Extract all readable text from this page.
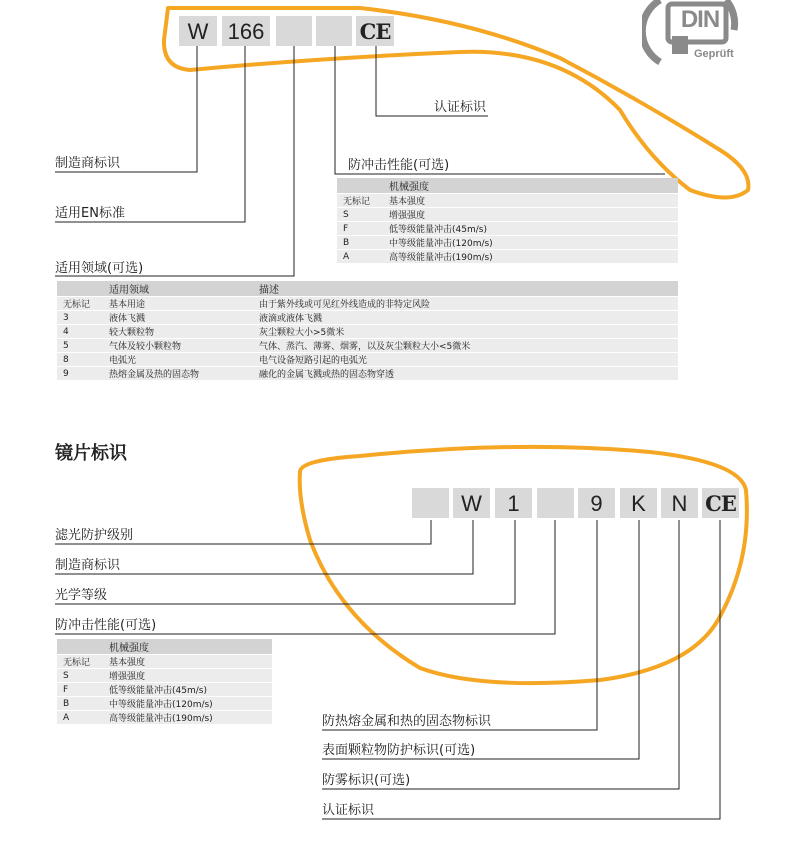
W 166	CE	DIN
Geprüft
认证标识
防冲击性能(可选)
制造商标识
适用EN标准
适用领域(可选)
	机械强度
无标记	基本强度
S	增强强度
F	低等级能量冲击(45m/s)
B	中等级能量冲击(120m/s)
A	高等级能量冲击(190m/s)
	适用领域	描述
无标记	基本用途	由于紫外线或可见红外线造成的非特定风险
3	液体飞溅	液滴或液体飞溅
4	较大颗粒物	灰尘颗粒大小>5微米
5	气体及较小颗粒物	气体、蒸汽、薄雾、烟雾，以及灰尘颗粒大小<5微米
8	电弧光	电气设备短路引起的电弧光
9	热熔金属及热的固态物	融化的金属飞溅或热的固态物穿透
镜片标识
W	1	9	K	N CE
滤光防护级别
制造商标识
光学等级
防冲击性能(可选)
防热熔金属和热的固态物标识
表面颗粒物防护标识(可选)
防雾标识(可选)
认证标识
	机械强度
无标记	基本强度
S	增强强度
F	低等级能量冲击(45m/s)
B	中等级能量冲击(120m/s)
A	高等级能量冲击(190m/s)
